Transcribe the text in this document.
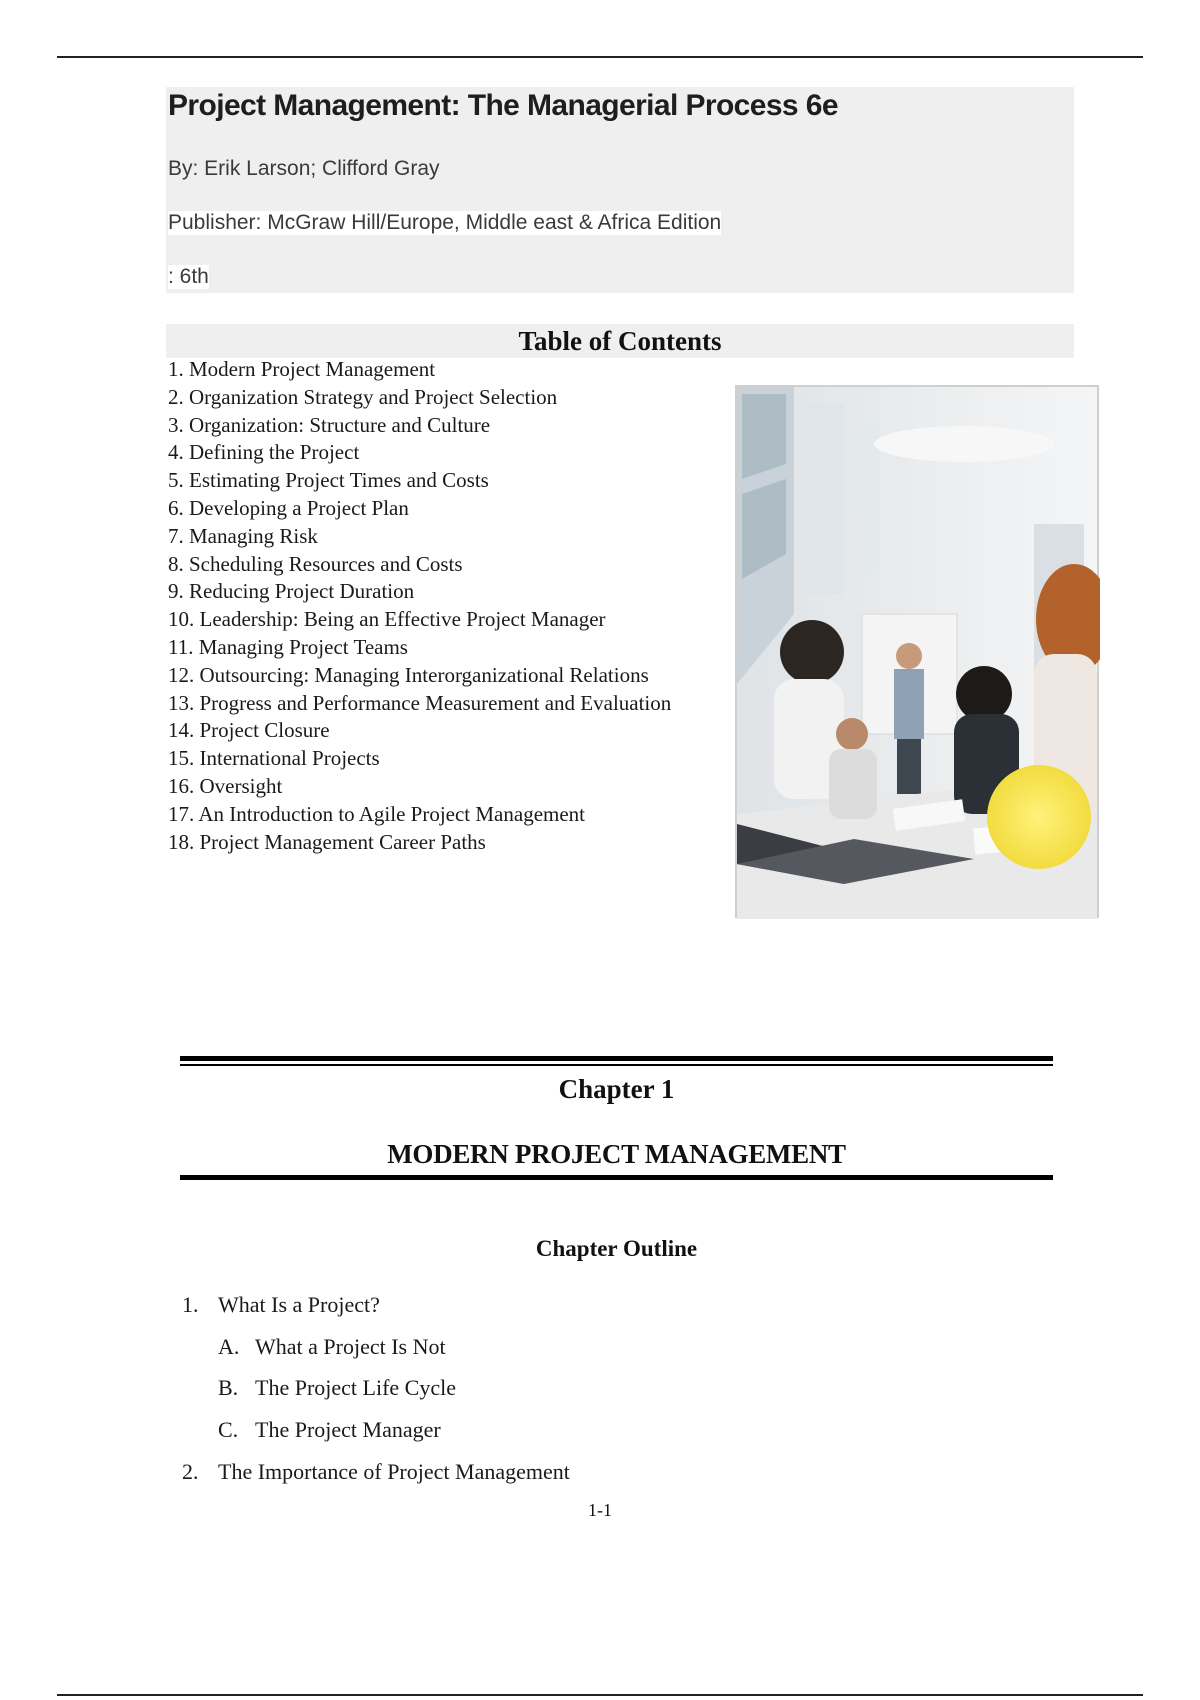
Project Management: The Managerial Process 6e
By: Erik Larson; Clifford Gray
Publisher: McGraw Hill/Europe, Middle east & Africa Edition
: 6th
Table of Contents
1. Modern Project Management
2. Organization Strategy and Project Selection
3. Organization: Structure and Culture
4. Defining the Project
5. Estimating Project Times and Costs
6. Developing a Project Plan
7. Managing Risk
8. Scheduling Resources and Costs
9. Reducing Project Duration
10. Leadership: Being an Effective Project Manager
11. Managing Project Teams
12. Outsourcing: Managing Interorganizational Relations
13. Progress and Performance Measurement and Evaluation
14. Project Closure
15. International Projects
16. Oversight
17. An Introduction to Agile Project Management
18. Project Management Career Paths
Chapter 1
MODERN PROJECT MANAGEMENT
Chapter Outline
1. What Is a Project?
A. What a Project Is Not
B. The Project Life Cycle
C. The Project Manager
2. The Importance of Project Management
1-1
